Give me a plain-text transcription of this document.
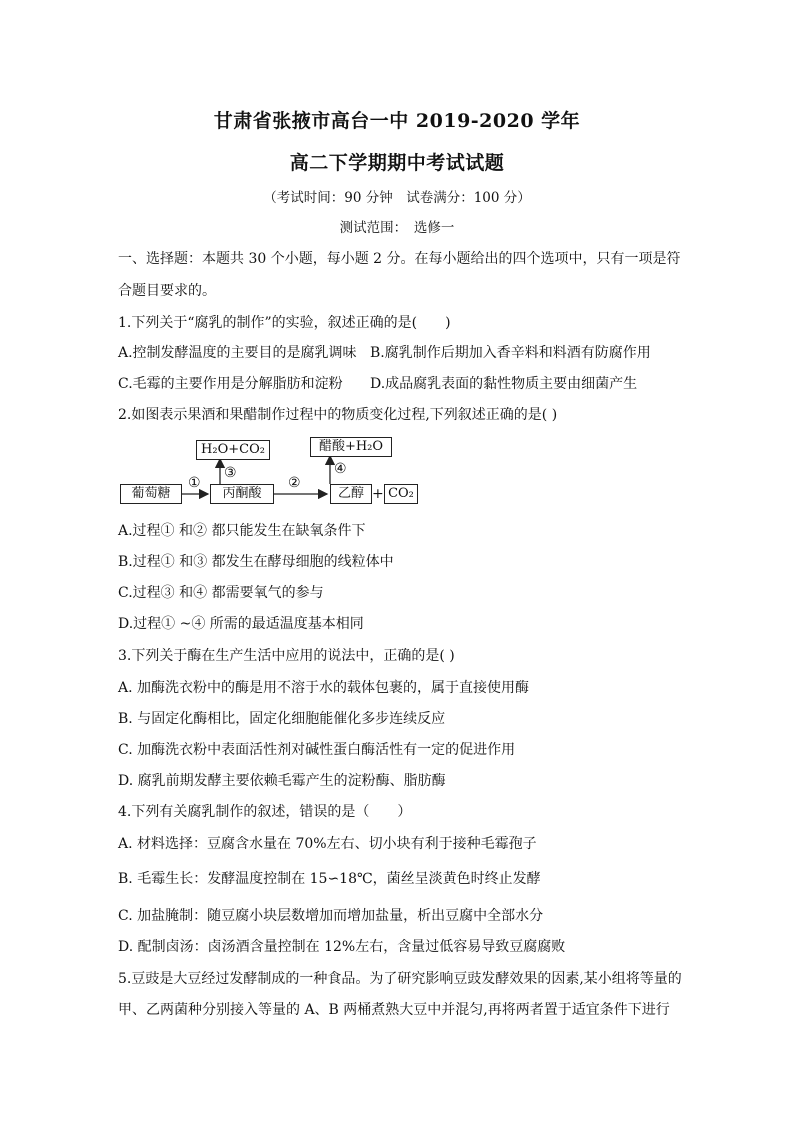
甘肃省张掖市高台一中 2019-2020 学年
高二下学期期中考试试题
（考试时间：90 分钟　试卷满分：100 分）
测试范围：　选修一
一、选择题：本题共 30 个小题，每小题 2 分。在每小题给出的四个选项中，只有一项是符
合题目要求的。
1.下列关于“腐乳的制作”的实验，叙述正确的是(　　)
A.控制发酵温度的主要目的是腐乳调味 B.腐乳制作后期加入香辛料和料酒有防腐作用
C.毛霉的主要作用是分解脂肪和淀粉 D.成品腐乳表面的黏性物质主要由细菌产生
2.如图表示果酒和果醋制作过程中的物质变化过程,下列叙述正确的是( )
葡萄糖	丙酮酸	乙醇 + CO₂
H₂O+CO₂	醋酸+H₂O
①	②
③	④
A.过程① 和② 都只能发生在缺氧条件下
B.过程① 和③ 都发生在酵母细胞的线粒体中
C.过程③ 和④ 都需要氧气的参与
D.过程① ~④ 所需的最适温度基本相同
3.下列关于酶在生产生活中应用的说法中，正确的是( )
A. 加酶洗衣粉中的酶是用不溶于水的载体包裹的，属于直接使用酶
B. 与固定化酶相比，固定化细胞能催化多步连续反应
C. 加酶洗衣粉中表面活性剂对碱性蛋白酶活性有一定的促进作用
D. 腐乳前期发酵主要依赖毛霉产生的淀粉酶、脂肪酶
4.下列有关腐乳制作的叙述，错误的是（　　）
A. 材料选择：豆腐含水量在 70%左右、切小块有利于接种毛霉孢子
B. 毛霉生长：发酵温度控制在 15∽18℃，菌丝呈淡黄色时终止发酵
C. 加盐腌制：随豆腐小块层数增加而增加盐量，析出豆腐中全部水分
D. 配制卤汤：卤汤酒含量控制在 12%左右，含量过低容易导致豆腐腐败
5.豆豉是大豆经过发酵制成的一种食品。为了研究影响豆豉发酵效果的因素,某小组将等量的
甲、乙两菌种分别接入等量的 A、B 两桶煮熟大豆中并混匀,再将两者置于适宜条件下进行
